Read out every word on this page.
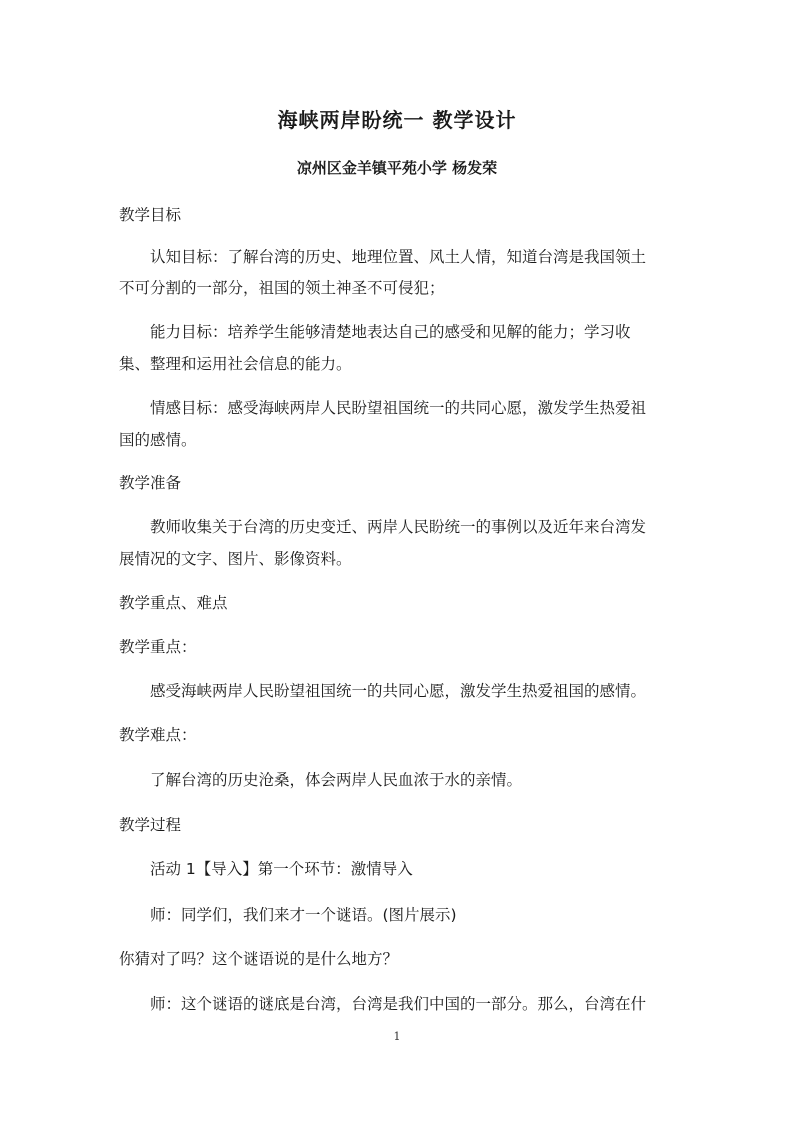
海峡两岸盼统一 教学设计
凉州区金羊镇平苑小学 杨发荣
教学目标
认知目标：了解台湾的历史、地理位置、风土人情，知道台湾是我国领土
不可分割的一部分，祖国的领土神圣不可侵犯；
能力目标：培养学生能够清楚地表达自己的感受和见解的能力；学习收
集、整理和运用社会信息的能力。
情感目标：感受海峡两岸人民盼望祖国统一的共同心愿，激发学生热爱祖
国的感情。
教学准备
教师收集关于台湾的历史变迁、两岸人民盼统一的事例以及近年来台湾发
展情况的文字、图片、影像资料。
教学重点、难点
教学重点：
感受海峡两岸人民盼望祖国统一的共同心愿，激发学生热爱祖国的感情。
教学难点：
了解台湾的历史沧桑，体会两岸人民血浓于水的亲情。
教学过程
活动 1【导入】第一个环节：激情导入
师：同学们，我们来才一个谜语。(图片展示)
你猜对了吗？这个谜语说的是什么地方？
师：这个谜语的谜底是台湾，台湾是我们中国的一部分。那么，台湾在什
1
